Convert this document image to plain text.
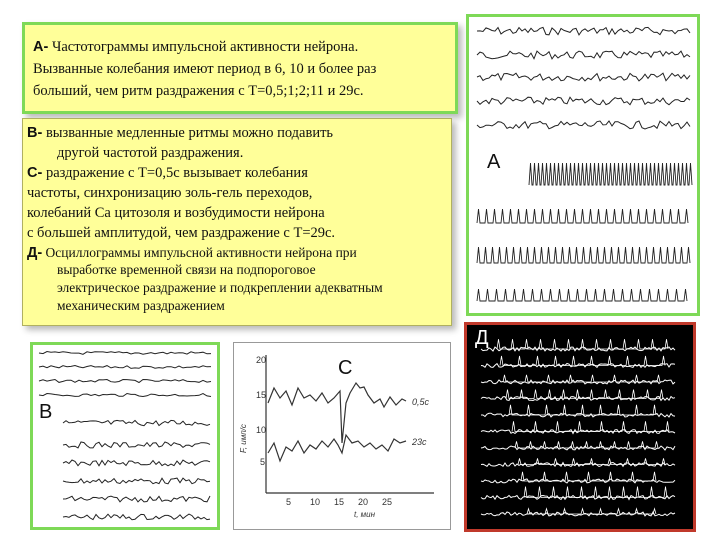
А- Частотограммы импульсной активности нейрона.
Вызванные колебания имеют период в 6, 10 и более раз
больший, чем ритм раздражения с Т=0,5;1;2;11 и 29с.
В- вызванные медленные ритмы можно подавить
другой частотой раздражения.
С- раздражение с Т=0,5с вызывает колебания
частоты, синхронизацию золь-гель переходов,
колебаний Са цитозоля и возбудимости нейрона
с большей амплитудой, чем раздражение с Т=29с.
Д- Осциллограммы импульсной активности нейрона при
выработке временной связи на подпороговое
электрическое раздражение и подкреплении адекватным
механическим раздражением
А
В
20
15
10
5
5 10 15 20 25
t, мин
F, имп/с
0,5с
23с
С
Д
